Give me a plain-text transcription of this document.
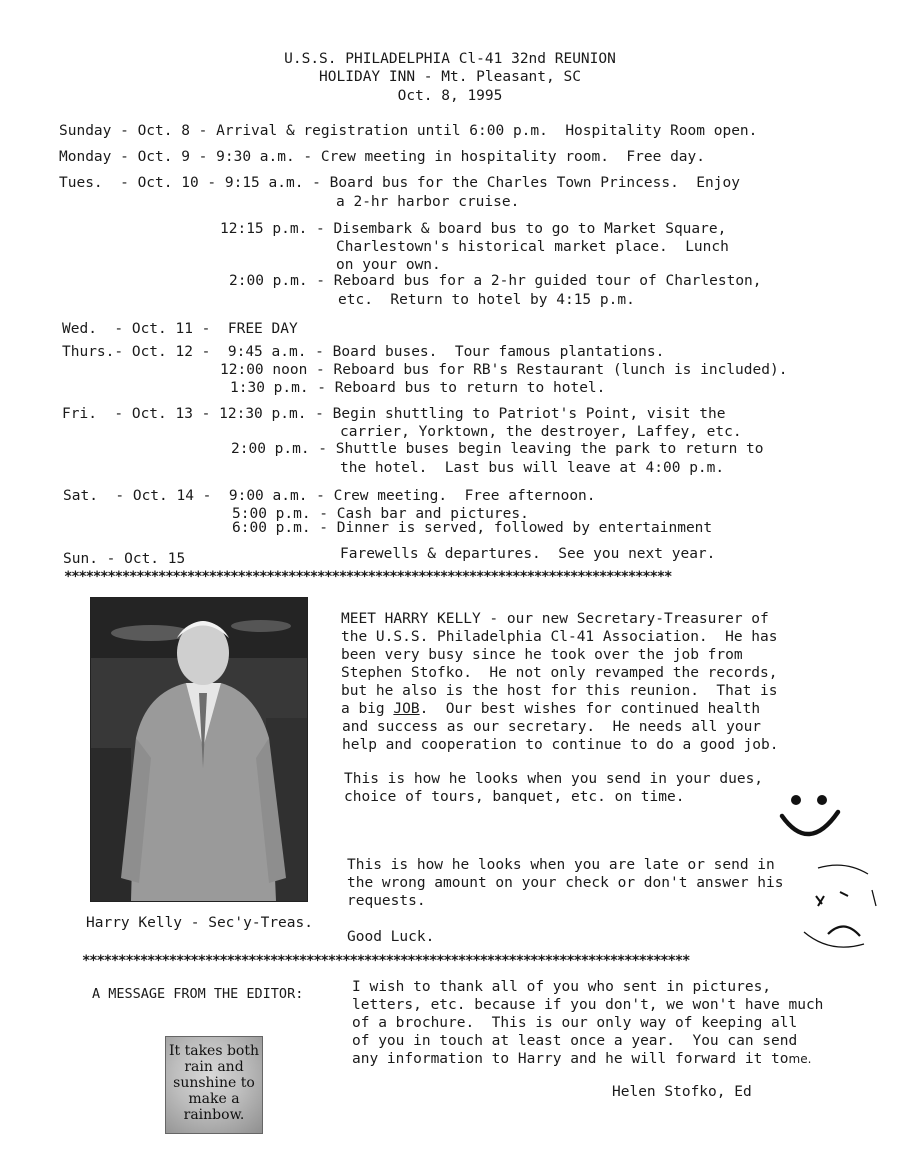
U.S.S. PHILADELPHIA Cl-41 32nd REUNION
HOLIDAY INN - Mt. Pleasant, SC
Oct. 8, 1995
Sunday - Oct. 8 - Arrival & registration until 6:00 p.m.  Hospitality Room open.
Monday - Oct. 9 - 9:30 a.m. - Crew meeting in hospitality room.  Free day.
Tues.  - Oct. 10 - 9:15 a.m. - Board bus for the Charles Town Princess.  Enjoy
a 2-hr harbor cruise.
12:15 p.m. - Disembark & board bus to go to Market Square,
Charlestown's historical market place.  Lunch
on your own.
2:00 p.m. - Reboard bus for a 2-hr guided tour of Charleston,
etc.  Return to hotel by 4:15 p.m.
Wed.  - Oct. 11 -  FREE DAY
Thurs.- Oct. 12 -  9:45 a.m. - Board buses.  Tour famous plantations.
12:00 noon - Reboard bus for RB's Restaurant (lunch is included).
1:30 p.m. - Reboard bus to return to hotel.
Fri.  - Oct. 13 - 12:30 p.m. - Begin shuttling to Patriot's Point, visit the
carrier, Yorktown, the destroyer, Laffey, etc.
2:00 p.m. - Shuttle buses begin leaving the park to return to
the hotel.  Last bus will leave at 4:00 p.m.
Sat.  - Oct. 14 -  9:00 a.m. - Crew meeting.  Free afternoon.
5:00 p.m. - Cash bar and pictures.
6:00 p.m. - Dinner is served, followed by entertainment
Sun. - Oct. 15	Farewells & departures.  See you next year.
************************************************************************************
Harry Kelly - Sec'y-Treas.
MEET HARRY KELLY - our new Secretary-Treasurer of
the U.S.S. Philadelphia Cl-41 Association.  He has
been very busy since he took over the job from
Stephen Stofko.  He not only revamped the records,
but he also is the host for this reunion.  That is
a big JOB.  Our best wishes for continued health
and success as our secretary.  He needs all your
help and cooperation to continue to do a good job.
This is how he looks when you send in your dues,
choice of tours, banquet, etc. on time.
This is how he looks when you are late or send in
the wrong amount on your check or don't answer his
requests.
Good Luck.
************************************************************************************
A MESSAGE FROM THE EDITOR:	I wish to thank all of you who sent in pictures,
letters, etc. because if you don't, we won't have much
of a brochure.  This is our only way of keeping all
of you in touch at least once a year.  You can send
any information to Harry and he will forward it tome.
Helen Stofko, Ed
It takes both rain and sunshine to make a rainbow.
